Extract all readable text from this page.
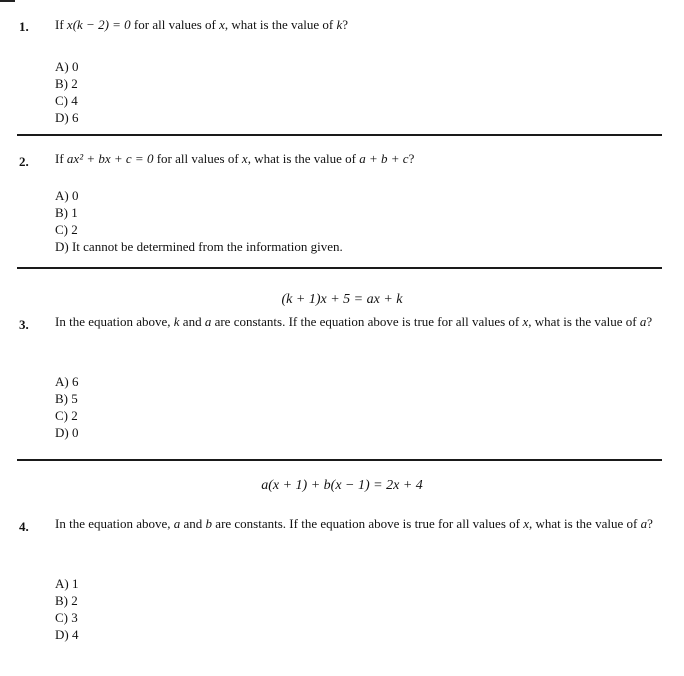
1. If x(k − 2) = 0 for all values of x, what is the value of k?
A) 0
B) 2
C) 4
D) 6
2. If ax² + bx + c = 0 for all values of x, what is the value of a + b + c?
A) 0
B) 1
C) 2
D) It cannot be determined from the information given.
(k + 1)x + 5 = ax + k
3. In the equation above, k and a are constants. If the equation above is true for all values of x, what is the value of a?
A) 6
B) 5
C) 2
D) 0
a(x + 1) + b(x − 1) = 2x + 4
4. In the equation above, a and b are constants. If the equation above is true for all values of x, what is the value of a?
A) 1
B) 2
C) 3
D) 4
